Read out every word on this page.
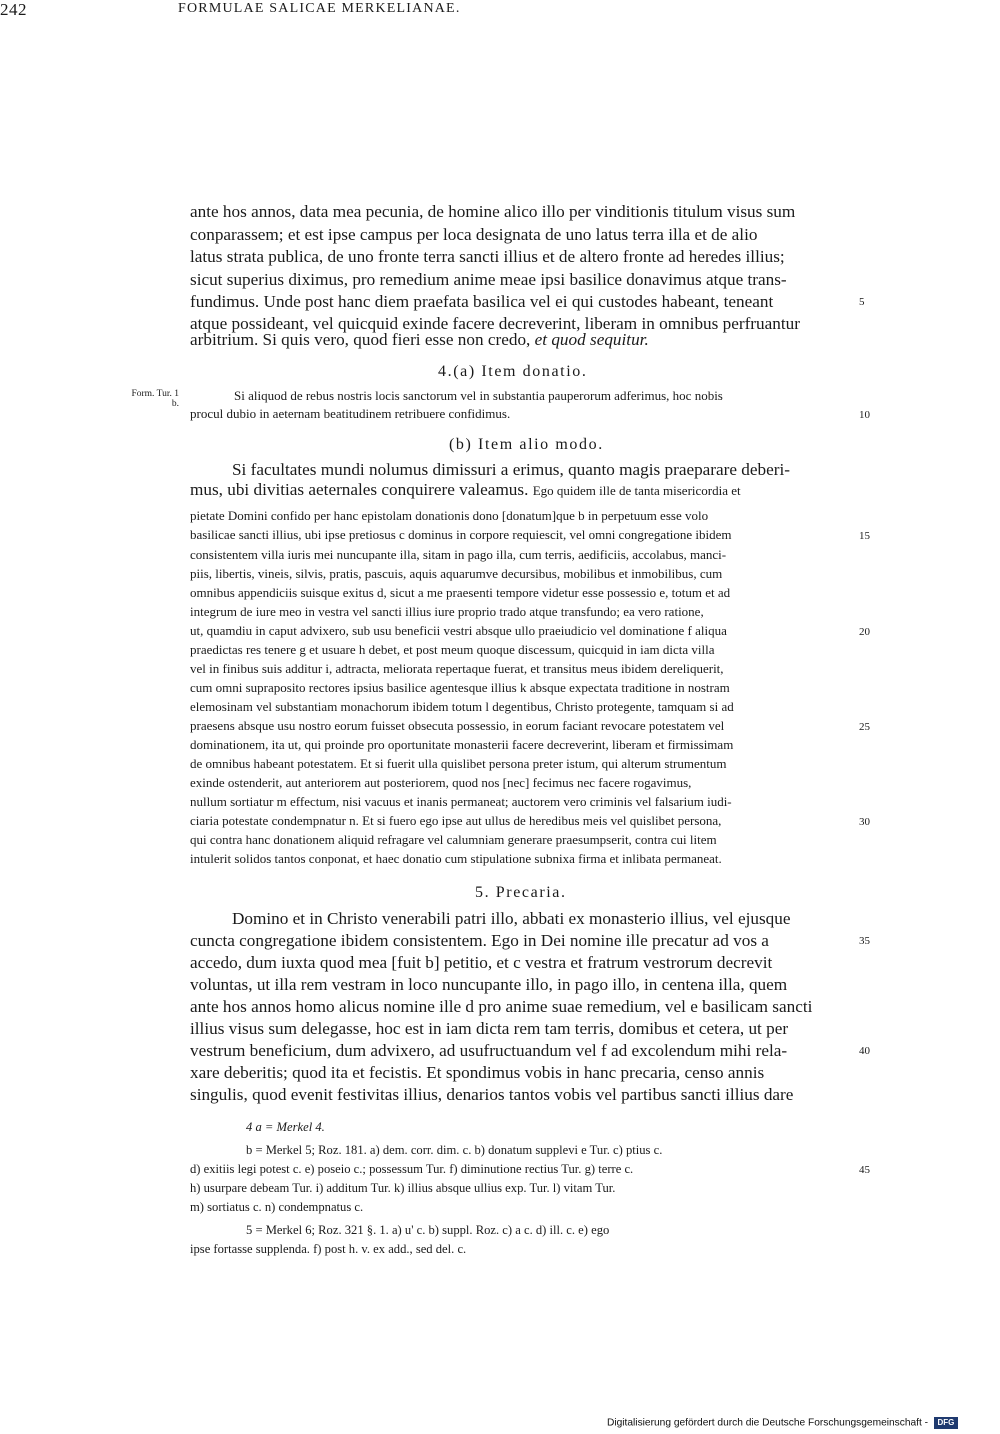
242	FORMULAE SALICAE MERKELIANAE.
ante hos annos, data mea pecunia, de homine alico illo per vinditionis titulum visus sum
conparassem; et est ipse campus per loca designata de uno latus terra illa et de alio
latus strata publica, de uno fronte terra sancti illius et de altero fronte ad heredes illius;
sicut superius diximus, pro remedium anime meae ipsi basilice donavimus atque trans-
fundimus. Unde post hanc diem praefata basilica vel ei qui custodes habeant, teneant	5
atque possideant, vel quicquid exinde facere decreverint, liberam in omnibus perfruantur
arbitrium. Si quis vero, quod fieri esse non credo, et quod sequitur.
4.(a) Item donatio.
Form. Tur. 1 b.
Si aliquod de rebus nostris locis sanctorum vel in substantia pauperorum adferimus, hoc nobis
procul dubio in aeternam beatitudinem retribuere confidimus.	10
(b) Item alio modo.
Si facultates mundi nolumus dimissuri a erimus, quanto magis praeparare deberi-
mus, ubi divitias aeternales conquirere valeamus. Ego quidem ille de tanta misericordia et
pietate Domini confido per hanc epistolam donationis dono [donatum]que b in perpetuum esse volo
basilicae sancti illius, ubi ipse pretiosus c dominus in corpore requiescit, vel omni congregatione ibidem	15
consistentem villa iuris mei nuncupante illa, sitam in pago illa, cum terris, aedificiis, accolabus, manci-
piis, libertis, vineis, silvis, pratis, pascuis, aquis aquarumve decursibus, mobilibus et inmobilibus, cum
omnibus appendiciis suisque exitus d, sicut a me praesenti tempore videtur esse possessio e, totum et ad
integrum de iure meo in vestra vel sancti illius iure proprio trado atque transfundo; ea vero ratione,
ut, quamdiu in caput advixero, sub usu beneficii vestri absque ullo praeiudicio vel dominatione f aliqua	20
praedictas res tenere g et usuare h debet, et post meum quoque discessum, quicquid in iam dicta villa
vel in finibus suis additur i, adtracta, meliorata repertaque fuerat, et transitus meus ibidem dereliquerit,
cum omni supraposito rectores ipsius basilice agentesque illius k absque expectata traditione in nostram
elemosinam vel substantiam monachorum ibidem totum l degentibus, Christo protegente, tamquam si ad
praesens absque usu nostro eorum fuisset obsecuta possessio, in eorum faciant revocare potestatem vel	25
dominationem, ita ut, qui proinde pro oportunitate monasterii facere decreverint, liberam et firmissimam
de omnibus habeant potestatem. Et si fuerit ulla quislibet persona preter istum, qui alterum strumentum
exinde ostenderit, aut anteriorem aut posteriorem, quod nos [nec] fecimus nec facere rogavimus,
nullum sortiatur m effectum, nisi vacuus et inanis permaneat; auctorem vero criminis vel falsarium iudi-
ciaria potestate condempnatur n. Et si fuero ego ipse aut ullus de heredibus meis vel quislibet persona,	30
qui contra hanc donationem aliquid refragare vel calumniam generare praesumpserit, contra cui litem
intulerit solidos tantos conponat, et haec donatio cum stipulatione subnixa firma et inlibata permaneat.
5. Precaria.
Domino et in Christo venerabili patri illo, abbati ex monasterio illius, vel ejusque
cuncta congregatione ibidem consistentem. Ego in Dei nomine ille precatur ad vos a	35
accedo, dum iuxta quod mea [fuit b] petitio, et c vestra et fratrum vestrorum decrevit
voluntas, ut illa rem vestram in loco nuncupante illo, in pago illo, in centena illa, quem
ante hos annos homo alicus nomine ille d pro anime suae remedium, vel e basilicam sancti
illius visus sum delegasse, hoc est in iam dicta rem tam terris, domibus et cetera, ut per
vestrum beneficium, dum advixero, ad usufructuandum vel f ad excolendum mihi rela-	40
xare deberitis; quod ita et fecistis. Et spondimus vobis in hanc precaria, censo annis
singulis, quod evenit festivitas illius, denarios tantos vobis vel partibus sancti illius dare
4 a = Merkel 4.
b = Merkel 5; Roz. 181. a) dem. corr. dim. c. b) donatum supplevi e Tur. c) ptius c.
d) exitiis legi potest c. e) poseio c.; possessum Tur. f) diminutione rectius Tur. g) terre c.	45
h) usurpare debeam Tur. i) additum Tur. k) illius absque ullius exp. Tur. l) vitam Tur.
m) sortiatus c. n) condempnatus c.
5 = Merkel 6; Roz. 321 §. 1. a) u' c. b) suppl. Roz. c) a c. d) ill. c. e) ego
ipse fortasse supplenda. f) post h. v. ex add., sed del. c.
Digitalisierung gefördert durch die Deutsche Forschungsgemeinschaft - DFG
